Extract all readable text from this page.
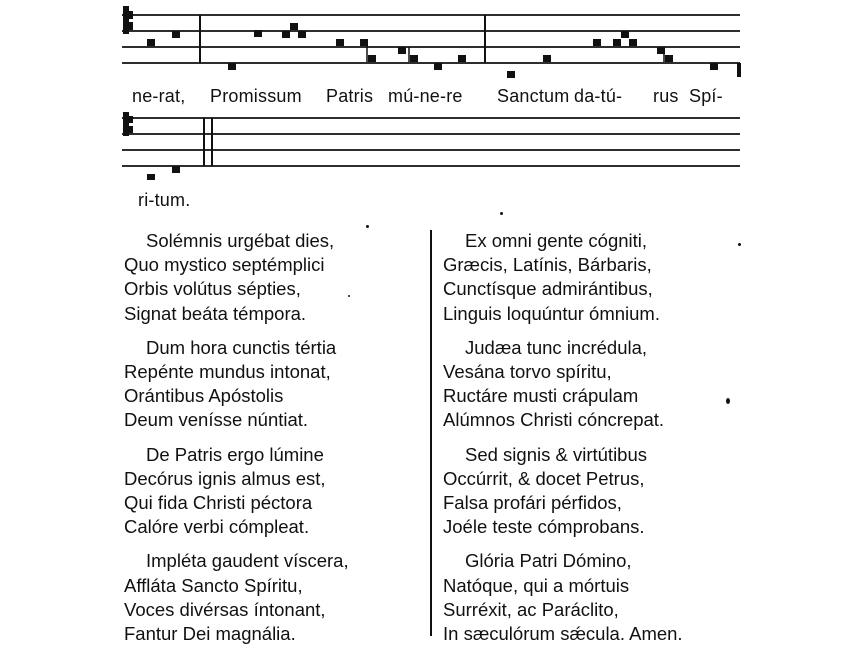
ne-rat, Promissum Patris mú-ne-re Sanctum da-tú- rus Spí-
ri-tum.
Solémnis urgébat dies,
Quo mystico septémplici
Orbis volútus sépties,
Signat beáta témpora.
Dum hora cunctis tértia
Repénte mundus intonat,
Orántibus Apóstolis
Deum venísse núntiat.
De Patris ergo lúmine
Decórus ignis almus est,
Qui fida Christi péctora
Calóre verbi cómpleat.
Impléta gaudent víscera,
Affláta Sancto Spíritu,
Voces divérsas íntonant,
Fantur Dei magnália.
Ex omni gente cógniti,
Græcis, Latínis, Bárbaris,
Cunctísque admirántibus,
Linguis loquúntur ómnium.
Judæa tunc incrédula,
Vesána torvo spíritu,
Ructáre musti crápulam
Alúmnos Christi cóncrepat.
Sed signis & virtútibus
Occúrrit, & docet Petrus,
Falsa profári pérfidos,
Joéle teste cómprobans.
Glória Patri Dómino,
Natóque, qui a mórtuis
Surréxit, ac Paráclito,
In sæculórum sǽcula. Amen.
